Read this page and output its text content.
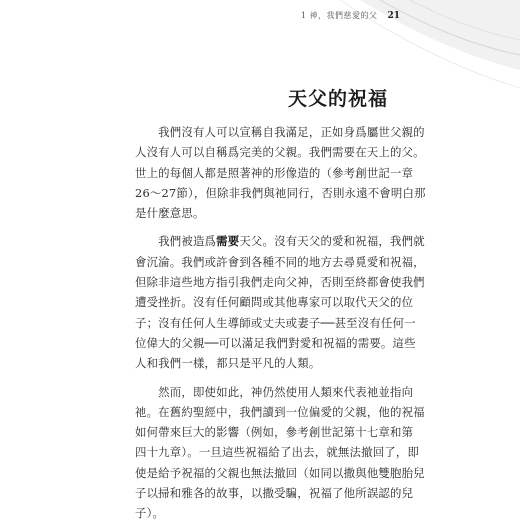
1 神，我們慈愛的父 21
天父的祝福

　　我們沒有人可以宣稱自我滿足，正如身爲屬世父親的
人沒有人可以自稱爲完美的父親。我們需要在天上的父。
世上的每個人都是照著神的形像造的（參考創世記一章
26～27節），但除非我們與祂同行，否則永遠不會明白那
是什麼意思。

　　我們被造爲需要天父。沒有天父的愛和祝福，我們就
會沉淪。我們或許會到各種不同的地方去尋覓愛和祝福，
但除非這些地方指引我們走向父神，否則至終都會使我們
遭受挫折。沒有任何顧問或其他專家可以取代天父的位
子；沒有任何人生導師或丈夫或妻子──甚至沒有任何一
位偉大的父親──可以滿足我們對愛和祝福的需要。這些
人和我們一樣，都只是平凡的人類。

　　然而，即使如此，神仍然使用人類來代表祂並指向
祂。在舊約聖經中，我們讀到一位偏愛的父親，他的祝福
如何帶來巨大的影響（例如，參考創世記第十七章和第
四十九章）。一旦這些祝福給了出去，就無法撤回了，即
使是給予祝福的父親也無法撤回（如同以撒與他雙胞胎兒
子以掃和雅各的故事，以撒受騙，祝福了他所誤認的兒
子）。
